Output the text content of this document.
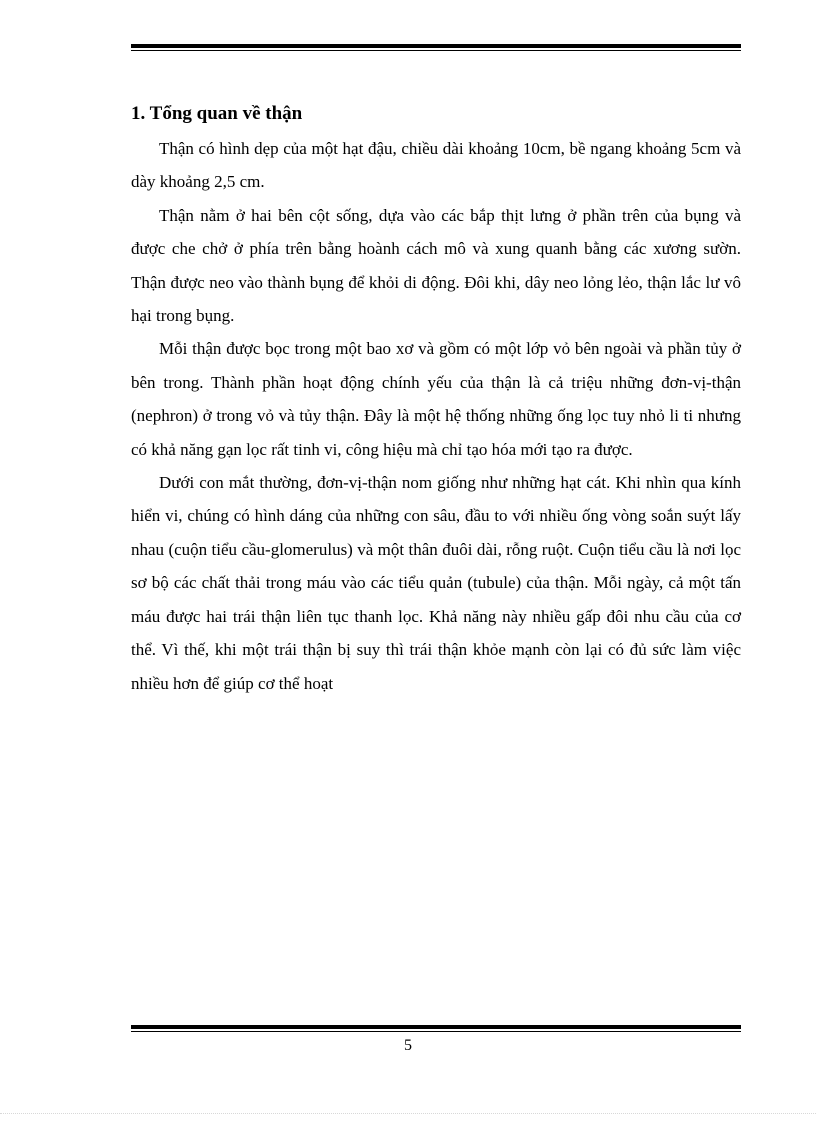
1. Tổng quan về thận

Thận có hình dẹp của một hạt đậu, chiều dài khoảng 10cm, bề ngang khoảng 5cm và dày khoảng 2,5 cm.

Thận nằm ở hai bên cột sống, dựa vào các bắp thịt lưng ở phần trên của bụng và được che chở ở phía trên bằng hoành cách mô và xung quanh bằng các xương sườn. Thận được neo vào thành bụng để khỏi di động. Đôi khi, dây neo lỏng lẻo, thận lắc lư vô hại trong bụng.

Mỗi thận được bọc trong một bao xơ và gồm có một lớp vỏ bên ngoài và phần tủy ở bên trong. Thành phần hoạt động chính yếu của thận là cả triệu những đơn-vị-thận (nephron) ở trong vỏ và tủy thận. Đây là một hệ thống những ống lọc tuy nhỏ li ti nhưng có khả năng gạn lọc rất tinh vi, công hiệu mà chỉ tạo hóa mới tạo ra được.

Dưới con mắt thường, đơn-vị-thận nom giống như những hạt cát. Khi nhìn qua kính hiển vi, chúng có hình dáng của những con sâu, đầu to với nhiều ống vòng soắn suýt lấy nhau (cuộn tiểu cầu-glomerulus) và một thân đuôi dài, rỗng ruột. Cuộn tiểu cầu là nơi lọc sơ bộ các chất thải trong máu vào các tiểu quản (tubule) của thận. Mỗi ngày, cả một tấn máu được hai trái thận liên tục thanh lọc. Khả năng này nhiều gấp đôi nhu cầu của cơ thể. Vì thế, khi một trái thận bị suy thì trái thận khỏe mạnh còn lại có đủ sức làm việc nhiều hơn để giúp cơ thể hoạt

5
